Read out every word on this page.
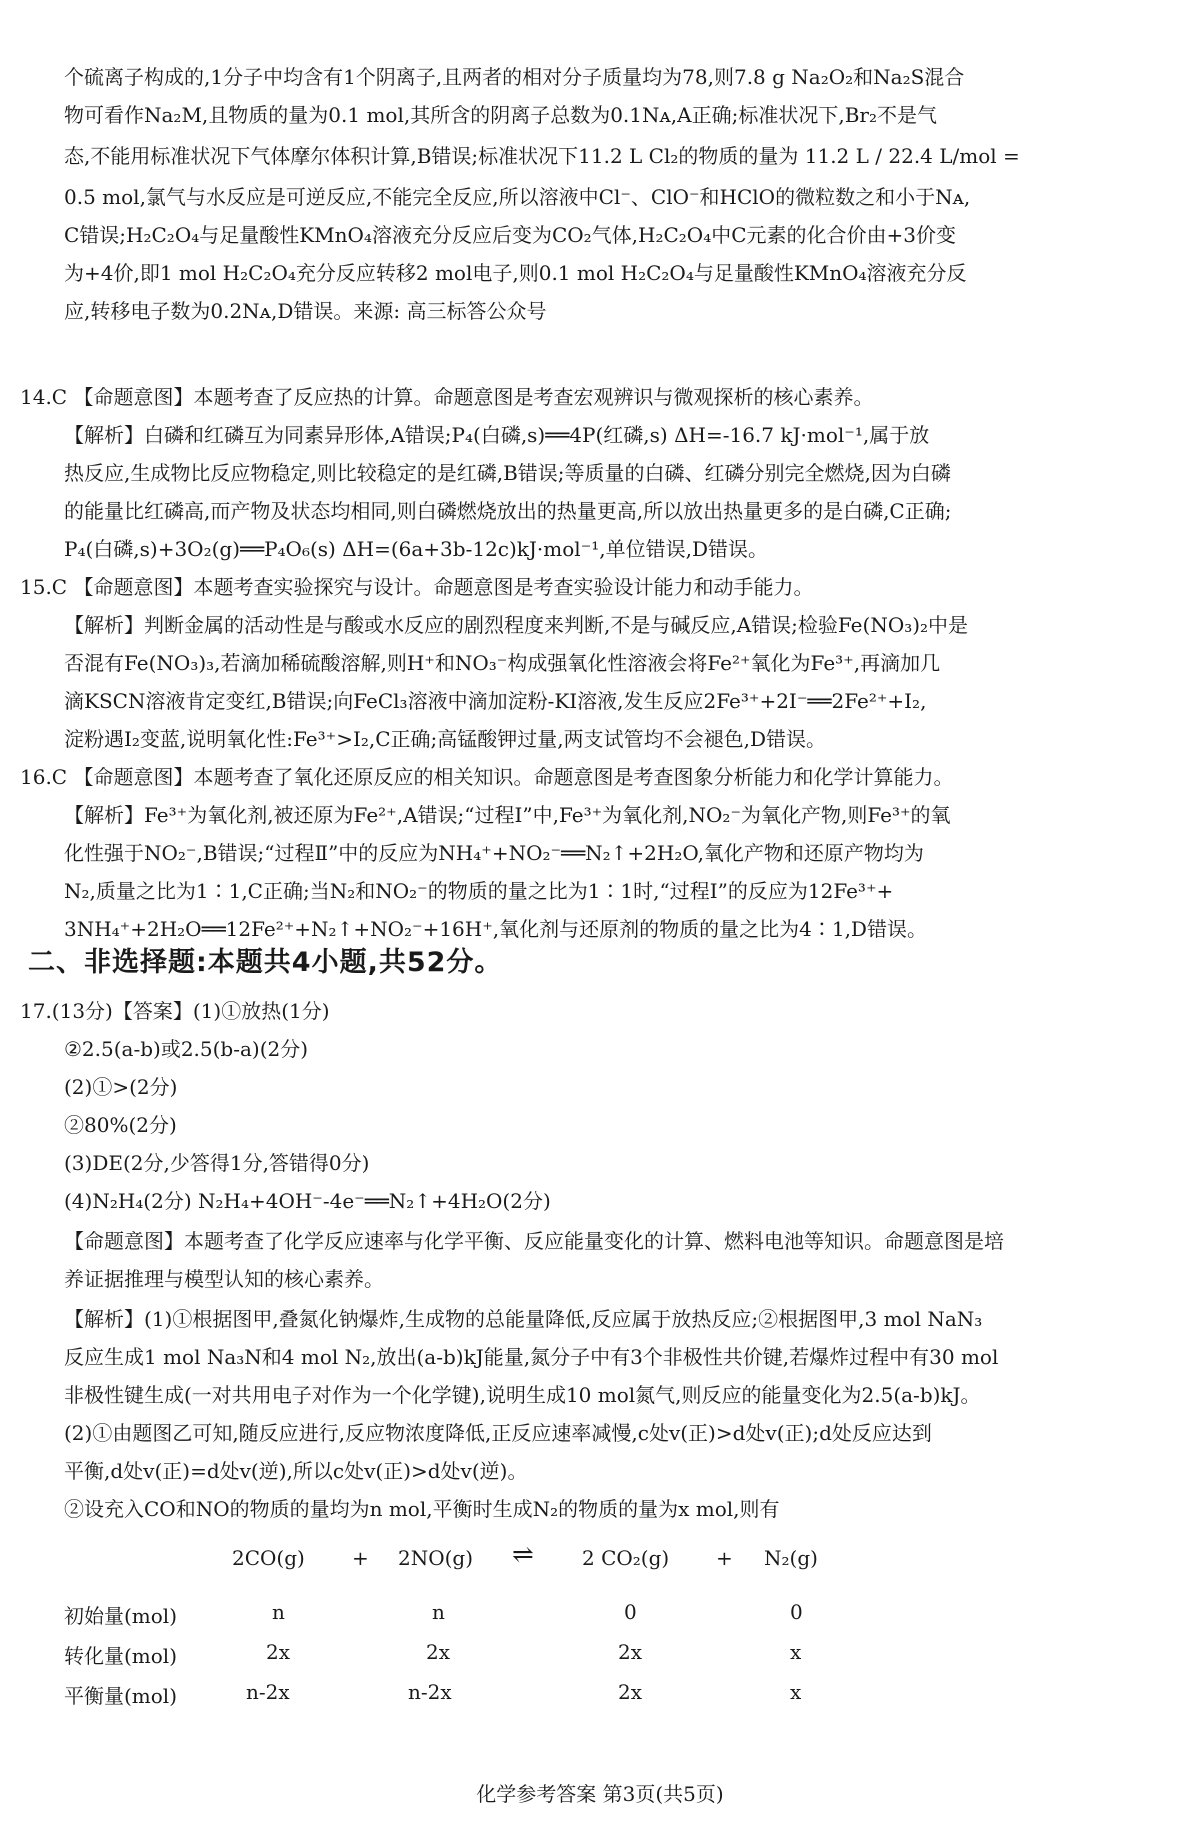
个硫离子构成的,1分子中均含有1个阴离子,且两者的相对分子质量均为78,则7.8 g Na₂O₂和Na₂S混合

物可看作Na₂M,且物质的量为0.1 mol,其所含的阴离子总数为0.1Nᴀ,A正确;标准状况下,Br₂不是气

态,不能用标准状况下气体摩尔体积计算,B错误;标准状况下11.2 L Cl₂的物质的量为 11.2 L / 22.4 L/mol =

0.5 mol,氯气与水反应是可逆反应,不能完全反应,所以溶液中Cl⁻、ClO⁻和HClO的微粒数之和小于Nᴀ,

C错误;H₂C₂O₄与足量酸性KMnO₄溶液充分反应后变为CO₂气体,H₂C₂O₄中C元素的化合价由+3价变

为+4价,即1 mol H₂C₂O₄充分反应转移2 mol电子,则0.1 mol H₂C₂O₄与足量酸性KMnO₄溶液充分反

应,转移电子数为0.2Nᴀ,D错误。来源: 高三标答公众号

14.C 【命题意图】本题考查了反应热的计算。命题意图是考查宏观辨识与微观探析的核心素养。
【解析】白磷和红磷互为同素异形体,A错误;P₄(白磷,s)══4P(红磷,s) ΔH=-16.7 kJ·mol⁻¹,属于放
热反应,生成物比反应物稳定,则比较稳定的是红磷,B错误;等质量的白磷、红磷分别完全燃烧,因为白磷
的能量比红磷高,而产物及状态均相同,则白磷燃烧放出的热量更高,所以放出热量更多的是白磷,C正确;
P₄(白磷,s)+3O₂(g)══P₄O₆(s) ΔH=(6a+3b-12c)kJ·mol⁻¹,单位错误,D错误。
15.C 【命题意图】本题考查实验探究与设计。命题意图是考查实验设计能力和动手能力。
【解析】判断金属的活动性是与酸或水反应的剧烈程度来判断,不是与碱反应,A错误;检验Fe(NO₃)₂中是
否混有Fe(NO₃)₃,若滴加稀硫酸溶解,则H⁺和NO₃⁻构成强氧化性溶液会将Fe²⁺氧化为Fe³⁺,再滴加几
滴KSCN溶液肯定变红,B错误;向FeCl₃溶液中滴加淀粉-KI溶液,发生反应2Fe³⁺+2I⁻══2Fe²⁺+I₂,
淀粉遇I₂变蓝,说明氧化性:Fe³⁺>I₂,C正确;高锰酸钾过量,两支试管均不会褪色,D错误。
16.C 【命题意图】本题考查了氧化还原反应的相关知识。命题意图是考查图象分析能力和化学计算能力。
【解析】Fe³⁺为氧化剂,被还原为Fe²⁺,A错误;“过程Ⅰ”中,Fe³⁺为氧化剂,NO₂⁻为氧化产物,则Fe³⁺的氧
化性强于NO₂⁻,B错误;“过程Ⅱ”中的反应为NH₄⁺+NO₂⁻══N₂↑+2H₂O,氧化产物和还原产物均为
N₂,质量之比为1∶1,C正确;当N₂和NO₂⁻的物质的量之比为1∶1时,“过程Ⅰ”的反应为12Fe³⁺+
3NH₄⁺+2H₂O══12Fe²⁺+N₂↑+NO₂⁻+16H⁺,氧化剂与还原剂的物质的量之比为4∶1,D错误。
二、非选择题:本题共4小题,共52分。
17.(13分)【答案】(1)①放热(1分)
②2.5(a-b)或2.5(b-a)(2分)
(2)①>(2分)
②80%(2分)
(3)DE(2分,少答得1分,答错得0分)
(4)N₂H₄(2分) N₂H₄+4OH⁻-4e⁻══N₂↑+4H₂O(2分)
【命题意图】本题考查了化学反应速率与化学平衡、反应能量变化的计算、燃料电池等知识。命题意图是培
养证据推理与模型认知的核心素养。
【解析】(1)①根据图甲,叠氮化钠爆炸,生成物的总能量降低,反应属于放热反应;②根据图甲,3 mol NaN₃
反应生成1 mol Na₃N和4 mol N₂,放出(a-b)kJ能量,氮分子中有3个非极性共价键,若爆炸过程中有30 mol
非极性键生成(一对共用电子对作为一个化学键),说明生成10 mol氮气,则反应的能量变化为2.5(a-b)kJ。
(2)①由题图乙可知,随反应进行,反应物浓度降低,正反应速率减慢,c处v(正)>d处v(正);d处反应达到
平衡,d处v(正)=d处v(逆),所以c处v(正)>d处v(逆)。
②设充入CO和NO的物质的量均为n mol,平衡时生成N₂的物质的量为x mol,则有
2CO(g) + 2NO(g) ⇌ 2 CO₂(g) + N₂(g)
初始量(mol)	n	n	0	0
转化量(mol)	2x	2x	2x	x
平衡量(mol)	n-2x	n-2x	2x	x
化学参考答案 第3页(共5页)
